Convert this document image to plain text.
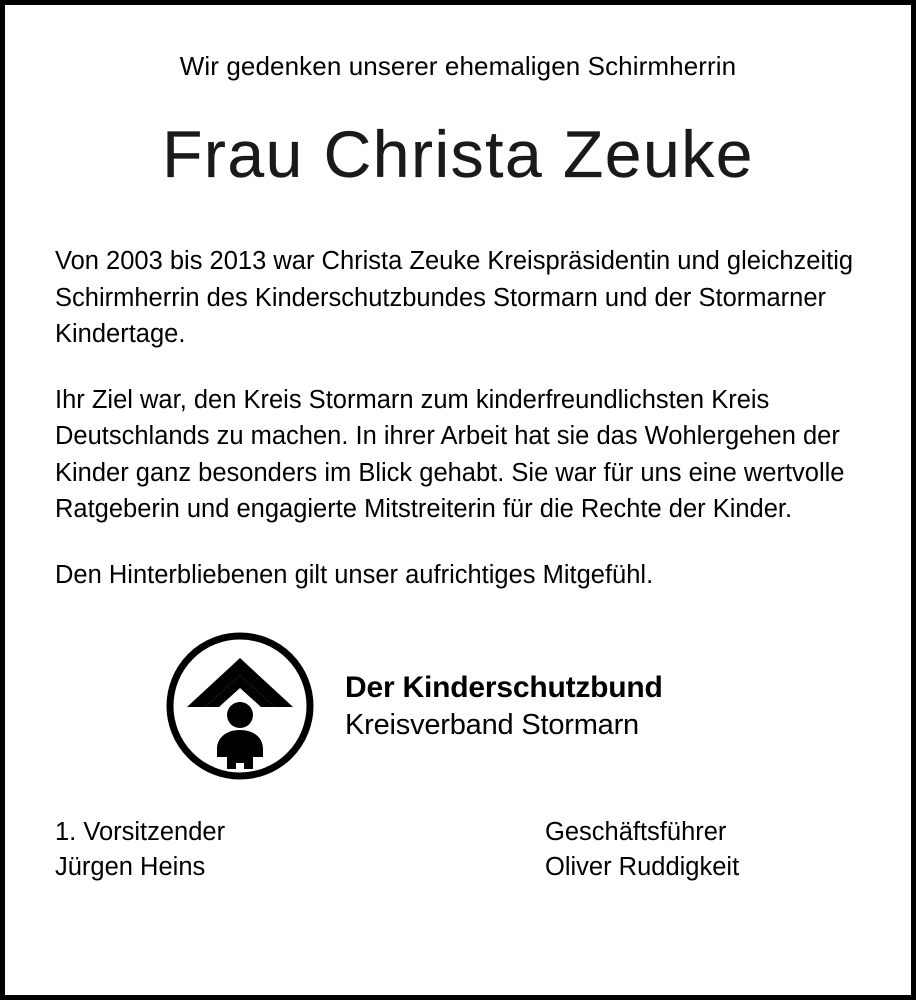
Wir gedenken unserer ehemaligen Schirmherrin
Frau Christa Zeuke

Von 2003 bis 2013 war Christa Zeuke Kreispräsidentin und gleichzeitig Schirmherrin des Kinderschutzbundes Stormarn und der Stormarner Kindertage.

Ihr Ziel war, den Kreis Stormarn zum kinderfreundlichsten Kreis Deutschlands zu machen. In ihrer Arbeit hat sie das Wohlergehen der Kinder ganz besonders im Blick gehabt. Sie war für uns eine wertvolle Ratgeberin und engagierte Mitstreiterin für die Rechte der Kinder.

Den Hinterbliebenen gilt unser aufrichtiges Mitgefühl.

Der Kinderschutzbund
Kreisverband Stormarn
1. Vorsitzender
Jürgen Heins
Geschäftsführer
Oliver Ruddigkeit
